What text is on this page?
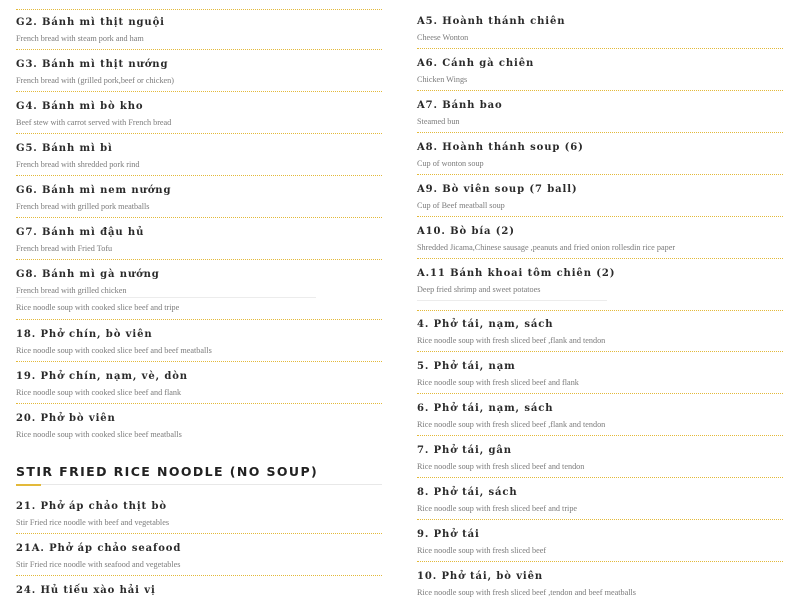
G2. Bánh mì thịt nguội
French bread with steam pork and ham
G3. Bánh mì thịt nướng
French bread with (grilled pork,beef or chicken)
G4. Bánh mì bò kho
Beef stew with carrot served with French bread
G5. Bánh mì bì
French bread with shredded pork rind
G6. Bánh mì nem nướng
French bread with grilled pork meatballs
G7. Bánh mì đậu hủ
French bread with Fried Tofu
G8. Bánh mì gà nướng
French bread with grilled chicken
Rice noodle soup with cooked slice beef and tripe
18. Phở chín, bò viên
Rice noodle soup with cooked slice beef and beef meatballs
19. Phở chín, nạm, vè, dòn
Rice noodle soup with cooked slice beef and flank
20. Phở bò viên
Rice noodle soup with cooked slice beef meatballs
STIR FRIED RICE NOODLE (NO SOUP)
21. Phở áp chảo thịt bò
Stir Fried rice noodle with beef and vegetables
21A. Phở áp chảo seafood
Stir Fried rice noodle with seafood and vegetables
24. Hủ tiếu xào hải vị
A5. Hoành thánh chiên
Cheese Wonton
A6. Cánh gà chiên
Chicken Wings
A7. Bánh bao
Steamed bun
A8. Hoành thánh soup (6)
Cup of wonton soup
A9. Bò viên soup (7 ball)
Cup of Beef meatball soup
A10. Bò bía (2)
Shredded Jicama,Chinese sausage ,peanuts and fried onion rollesdin rice paper
A.11 Bánh khoai tôm chiên (2)
Deep fried shrimp and sweet potatoes
4. Phở tái, nạm, sách
Rice noodle soup with fresh sliced beef ,flank and tendon
5. Phở tái, nạm
Rice noodle soup with fresh sliced beef and flank
6. Phở tái, nạm, sách
Rice noodle soup with fresh sliced beef ,flank and tendon
7. Phở tái, gân
Rice noodle soup with fresh sliced beef and tendon
8. Phở tái, sách
Rice noodle soup with fresh sliced beef and tripe
9. Phở tái
Rice noodle soup with fresh sliced beef
10. Phở tái, bò viên
Rice noodle soup with fresh sliced beef ,tendon and beef meatballs
